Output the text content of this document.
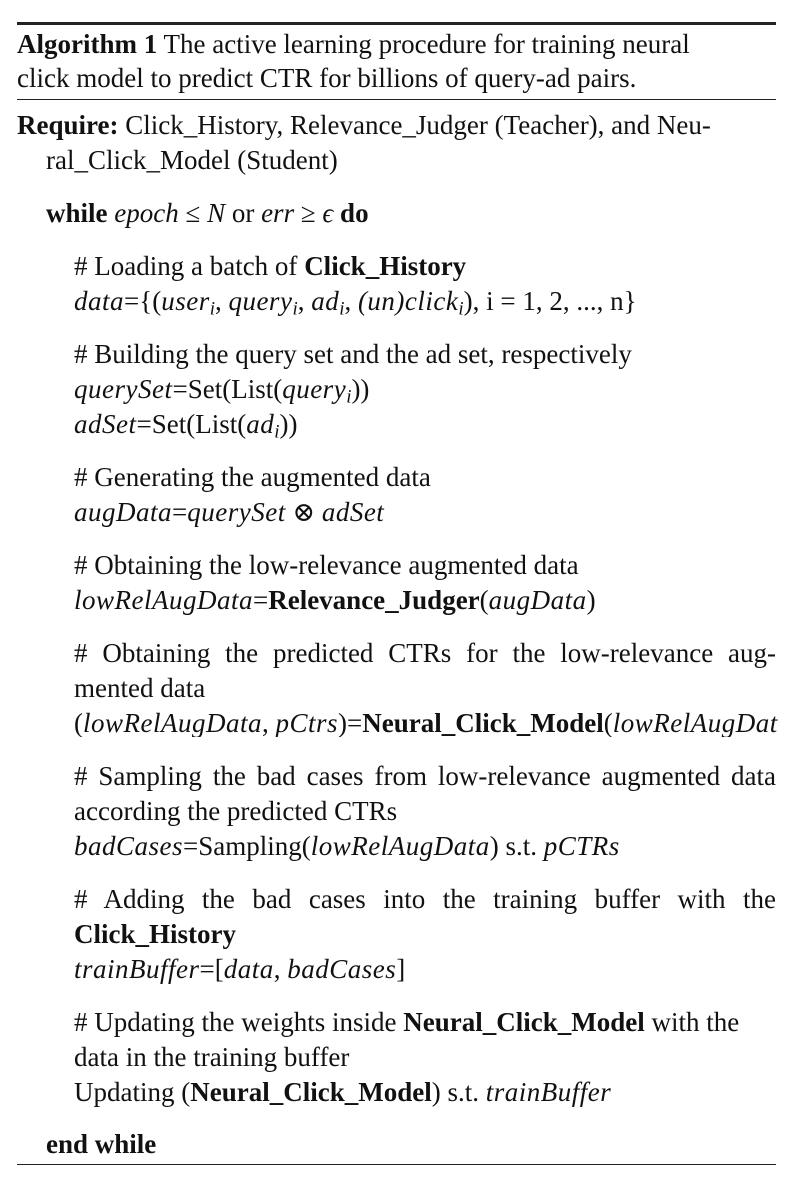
Algorithm 1 The active learning procedure for training neural
click model to predict CTR for billions of query-ad pairs.
Require: Click_History, Relevance_Judger (Teacher), and Neu-
ral_Click_Model (Student)
while epoch ≤ N or err ≥ ϵ do
# Loading a batch of Click_History
data={(user$_i$, query$_i$, $ad_i$, (un)click$_i$), i = 1, 2, ..., n}
# Building the query set and the ad set, respectively
querySet=Set(List(query$_i$))
$adSet=Set(List(ad_i))$
# Generating the augmented data
augData=querySet ⊗ adSet
# Obtaining the low-relevance augmented data
lowRelAugData=Relevance_Judger(augData)
# Obtaining the predicted CTRs for the low-relevance aug-
mented data
(lowRelAugData, pCtrs)=Neural_Click_Model(lowRelAugDat
# Sampling the bad cases from low-relevance augmented data
according the predicted CTRs
badCases=Sampling(lowRelAugData) s.t. pCTRs
# Adding the bad cases into the training buffer with the
Click_History
trainBuffer=[data, badCases]
# Updating the weights inside Neural_Click_Model with the
data in the training buffer
Updating (Neural_Click_Model) s.t. trainBuffer
end while
